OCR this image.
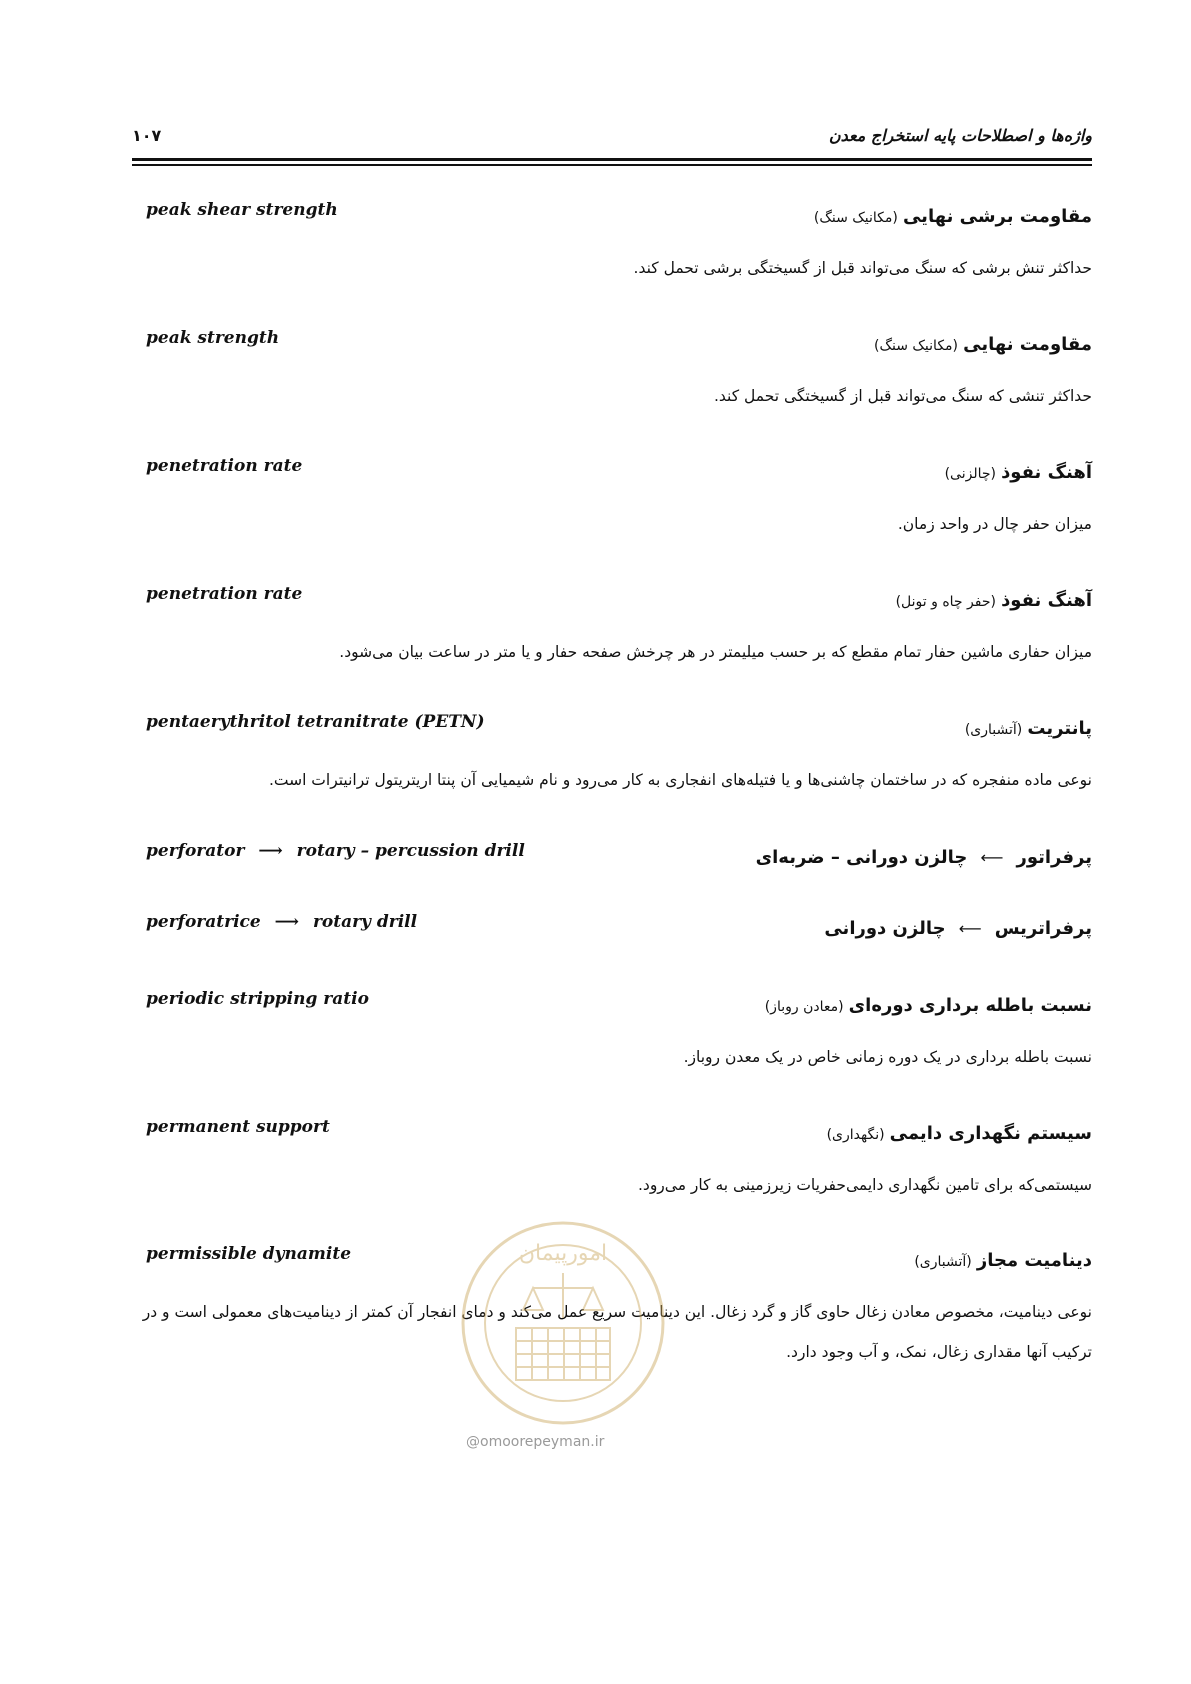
واژه‌ها و اصطلاحات پایه استخراج معدن
۱۰۷
peak shear strength	مقاومت برشی نهایی (مکانیک سنگ)
حداکثر تنش برشی که سنگ می‌تواند قبل از گسیختگی برشی تحمل کند.
peak strength	مقاومت نهایی (مکانیک سنگ)
حداکثر تنشی که سنگ می‌تواند قبل از گسیختگی تحمل کند.
penetration rate	آهنگ نفوذ (چالزنی)
میزان حفر چال در واحد زمان.
penetration rate	آهنگ نفوذ (حفر چاه و تونل)
میزان حفاری ماشین حفار تمام مقطع که بر حسب میلیمتر در هر چرخش صفحه حفار و یا متر در ساعت بیان می‌شود.
pentaerythritol tetranitrate (PETN)	پانتریت (آتشباری)
نوعی ماده منفجره که در ساختمان چاشنی‌ها و یا فتیله‌های انفجاری به کار می‌رود و نام شیمیایی آن پنتا اریتریتول ترانیترات است.
perforator ⟶ rotary – percussion drill	پرفراتور ⟵ چالزن دورانی – ضربه‌ای
perforatrice ⟶ rotary drill	پرفراتریس ⟵ چالزن دورانی
periodic stripping ratio	نسبت باطله برداری دوره‌ای (معادن روباز)
نسبت باطله برداری در یک دوره زمانی خاص در یک معدن روباز.
permanent support	سیستم نگهداری دایمی (نگهداری)
سیستمی‌که برای تامین نگهداری دایمی‌حفریات زیرزمینی به کار می‌رود.
permissible dynamite	دینامیت مجاز (آتشباری)
نوعی دینامیت، مخصوص معادن زغال حاوی گاز و گرد زغال. این دینامیت سریع عمل می‌کند و دمای انفجار آن کمتر از دینامیت‌های معمولی است و در ترکیب آنها مقداری زغال، نمک، و آب وجود دارد.
امورپیمان
@omoorepeyman.ir
